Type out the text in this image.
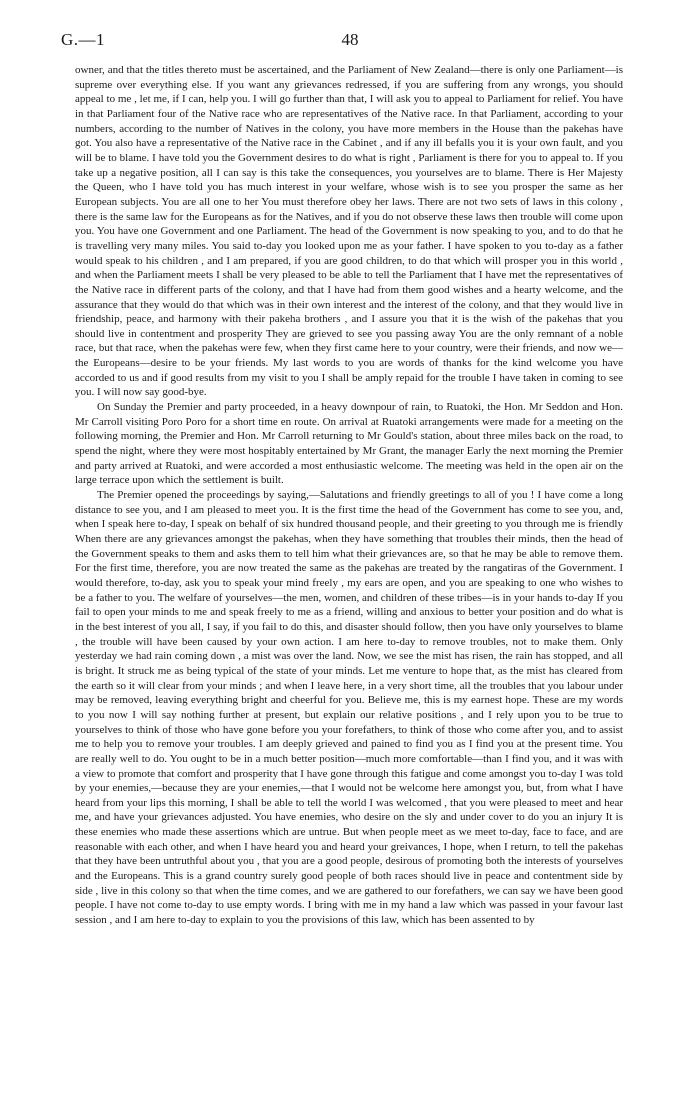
G.—1	48

owner, and that the titles thereto must be ascertained, and the Parliament of New Zealand—there is only one Parliament—is supreme over everything else. If you want any grievances redressed, if you are suffering from any wrongs, you should appeal to me , let me, if I can, help you. I will go further than that, I will ask you to appeal to Parliament for relief. You have in that Parliament four of the Native race who are representatives of the Native race. In that Parliament, according to your numbers, according to the number of Natives in the colony, you have more members in the House than the pakehas have got. You also have a representative of the Native race in the Cabinet , and if any ill befalls you it is your own fault, and you will be to blame. I have told you the Government desires to do what is right , Parliament is there for you to appeal to. If you take up a negative position, all I can say is this take the consequences, you yourselves are to blame. There is Her Majesty the Queen, who I have told you has much interest in your welfare, whose wish is to see you prosper the same as her European subjects. You are all one to her You must therefore obey her laws. There are not two sets of laws in this colony , there is the same law for the Europeans as for the Natives, and if you do not observe these laws then trouble will come upon you. You have one Government and one Parliament. The head of the Government is now speaking to you, and to do that he is travelling very many miles. You said to-day you looked upon me as your father. I have spoken to you to-day as a father would speak to his children , and I am prepared, if you are good children, to do that which will prosper you in this world , and when the Parliament meets I shall be very pleased to be able to tell the Parliament that I have met the representatives of the Native race in different parts of the colony, and that I have had from them good wishes and a hearty welcome, and the assurance that they would do that which was in their own interest and the interest of the colony, and that they would live in friendship, peace, and harmony with their pakeha brothers , and I assure you that it is the wish of the pakehas that you should live in contentment and prosperity They are grieved to see you passing away You are the only remnant of a noble race, but that race, when the pakehas were few, when they first came here to your country, were their friends, and now we—the Europeans—desire to be your friends. My last words to you are words of thanks for the kind welcome you have accorded to us and if good results from my visit to you I shall be amply repaid for the trouble I have taken in coming to see you. I will now say good-bye.

On Sunday the Premier and party proceeded, in a heavy downpour of rain, to Ruatoki, the Hon. Mr Seddon and Hon. Mr Carroll visiting Poro Poro for a short time en route. On arrival at Ruatoki arrangements were made for a meeting on the following morning, the Premier and Hon. Mr Carroll returning to Mr Gould's station, about three miles back on the road, to spend the night, where they were most hospitably entertained by Mr Grant, the manager Early the next morning the Premier and party arrived at Ruatoki, and were accorded a most enthusiastic welcome. The meeting was held in the open air on the large terrace upon which the settlement is built.

The Premier opened the proceedings by saying,—Salutations and friendly greetings to all of you ! I have come a long distance to see you, and I am pleased to meet you. It is the first time the head of the Government has come to see you, and, when I speak here to-day, I speak on behalf of six hundred thousand people, and their greeting to you through me is friendly When there are any grievances amongst the pakehas, when they have something that troubles their minds, then the head of the Government speaks to them and asks them to tell him what their grievances are, so that he may be able to remove them. For the first time, therefore, you are now treated the same as the pakehas are treated by the rangatiras of the Government. I would therefore, to-day, ask you to speak your mind freely , my ears are open, and you are speaking to one who wishes to be a father to you. The welfare of yourselves—the men, women, and children of these tribes—is in your hands to-day If you fail to open your minds to me and speak freely to me as a friend, willing and anxious to better your position and do what is in the best interest of you all, I say, if you fail to do this, and disaster should follow, then you have only yourselves to blame , the trouble will have been caused by your own action. I am here to-day to remove troubles, not to make them. Only yesterday we had rain coming down , a mist was over the land. Now, we see the mist has risen, the rain has stopped, and all is bright. It struck me as being typical of the state of your minds. Let me venture to hope that, as the mist has cleared from the earth so it will clear from your minds ; and when I leave here, in a very short time, all the troubles that you labour under may be removed, leaving everything bright and cheerful for you. Believe me, this is my earnest hope. These are my words to you now I will say nothing further at present, but explain our relative positions , and I rely upon you to be true to yourselves to think of those who have gone before you your forefathers, to think of those who come after you, and to assist me to help you to remove your troubles. I am deeply grieved and pained to find you as I find you at the present time. You are really well to do. You ought to be in a much better position—much more comfortable—than I find you, and it was with a view to promote that comfort and prosperity that I have gone through this fatigue and come amongst you to-day I was told by your enemies,—because they are your enemies,—that I would not be welcome here amongst you, but, from what I have heard from your lips this morning, I shall be able to tell the world I was welcomed , that you were pleased to meet and hear me, and have your grievances adjusted. You have enemies, who desire on the sly and under cover to do you an injury It is these enemies who made these assertions which are untrue. But when people meet as we meet to-day, face to face, and are reasonable with each other, and when I have heard you and heard your greivances, I hope, when I return, to tell the pakehas that they have been untruthful about you , that you are a good people, desirous of promoting both the interests of yourselves and the Europeans. This is a grand country surely good people of both races should live in peace and contentment side by side , live in this colony so that when the time comes, and we are gathered to our forefathers, we can say we have been good people. I have not come to-day to use empty words. I bring with me in my hand a law which was passed in your favour last session , and I am here to-day to explain to you the provisions of this law, which has been assented to by
